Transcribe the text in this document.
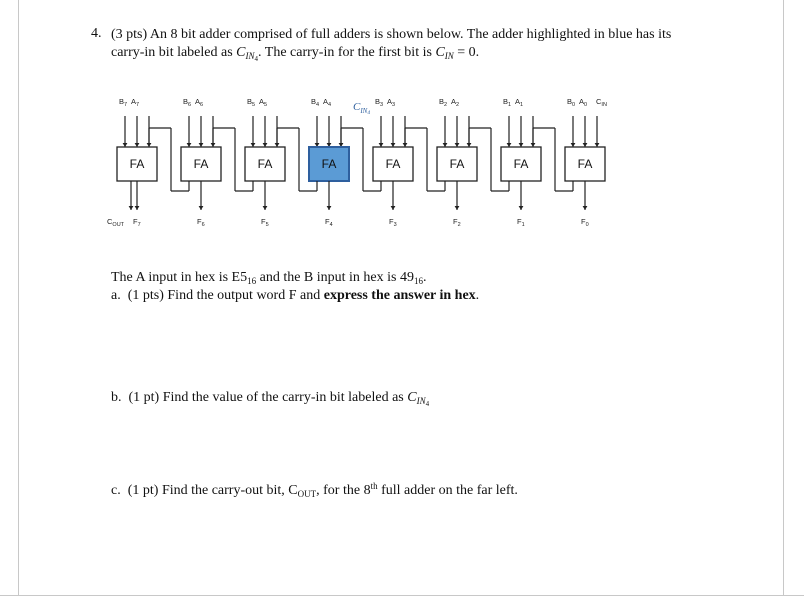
4. (3 pts) An 8 bit adder comprised of full adders is shown below. The adder highlighted in blue has its
carry-in bit labeled as $C_{IN_4}$. The carry-in for the first bit is $C_{IN} = 0$.
$B_7$ $A_7$
FA
$F_7$
$C_{OUT}$
$B_6$ $A_6$
FA
$F_6$
$B_5$ $A_5$
FA
$F_5$
$B_4$ $A_4$
FA
$F_4$
$B_3$ $A_3$
FA
$F_3$
$B_2$ $A_2$
FA
$F_2$
$B_1$ $A_1$
FA
$F_1$
$B_0$ $A_0$ $C_{IN}$
FA
$F_0$
$C_{IN}4$
The A input in hex is $E5_{16}$ and the B input in hex is $49_{16}$.
a. (1 pts) Find the output word F and express the answer in hex.
b. (1 pt) Find the value of the carry-in bit labeled as $C_{IN_4}$
c. (1 pt) Find the carry-out bit, $C_{OUT}$, for the 8th full adder on the far left.
